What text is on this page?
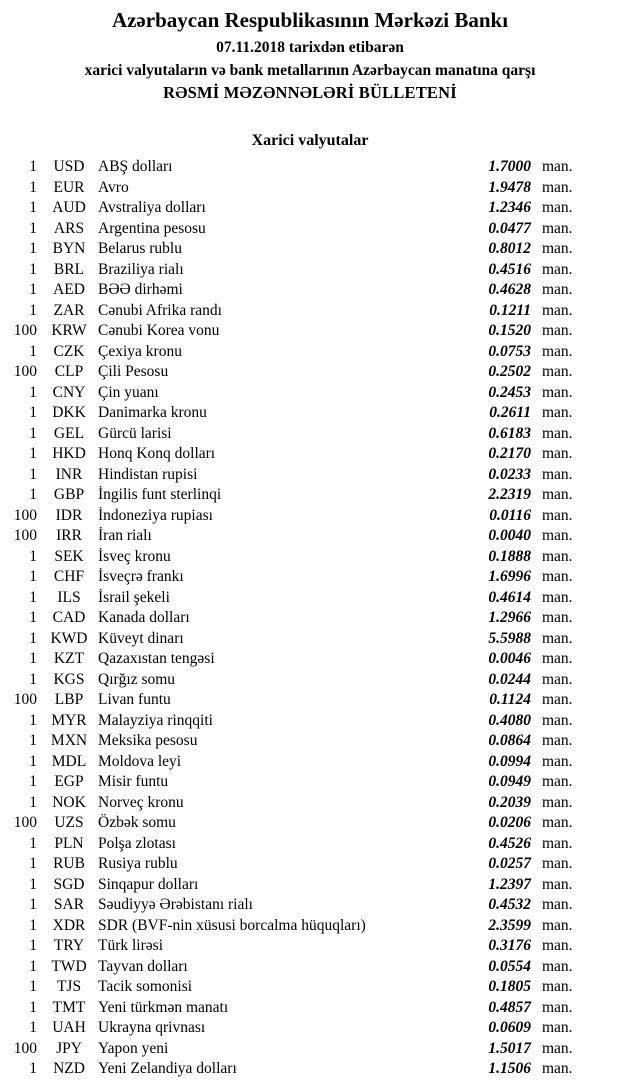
Azərbaycan Respublikasının Mərkəzi Bankı
07.11.2018 tarixdən etibarən
xarici valyutaların və bank metallarının Azərbaycan manatına qarşı
RƏSMİ MƏZƏNNƏLƏRİ BÜLLETENİ
Xarici valyutalar
1	USD ABŞ dolları	1.7000 man.
1	EUR Avro	1.9478 man.
1 AUD Avstraliya dolları	1.2346 man.
1	ARS Argentina pesosu	0.0477 man.
1	BYN Belarus rublu	0.8012 man.
1	BRL Braziliya rialı	0.4516 man.
1	AED BƏƏ dirhəmi	0.4628 man.
1	ZAR Cənubi Afrika randı	0.1211 man.
100 KRW Cənubi Korea vonu	0.1520 man.
1	CZK Çexiya kronu	0.0753 man.
100	CLP Çili Pesosu	0.2502 man.
1	CNY Çin yuanı	0.2453 man.
1 DKK Danimarka kronu	0.2611 man.
1	GEL Gürcü larisi	0.6183 man.
1 HKD Honq Konq dolları	0.2170 man.
1	INR	Hindistan rupisi	0.0233 man.
1	GBP İngilis funt sterlinqi	2.2319 man.
100	IDR	İndoneziya rupiası	0.0116 man.
100	IRR	İran rialı	0.0040 man.
1	SEK İsveç kronu	0.1888 man.
1	CHF İsveçrə frankı	1.6996 man.
1	ILS	İsrail şekeli	0.4614 man.
1	CAD Kanada dolları	1.2966 man.
1 KWD Küveyt dinarı	5.5988 man.
1	KZT Qazaxıstan tengəsi	0.0046 man.
1	KGS Qırğız somu	0.0244 man.
100	LBP Livan funtu	0.1124 man.
1 MYR Malayziya rinqqiti	0.4080 man.
1 MXN Meksika pesosu	0.0864 man.
1 MDL Moldova leyi	0.0994 man.
1	EGP Misir funtu	0.0949 man.
1 NOK Norveç kronu	0.2039 man.
100	UZS Özbək somu	0.0206 man.
1	PLN Polşa zlotası	0.4526 man.
1	RUB Rusiya rublu	0.0257 man.
1	SGD Sinqapur dolları	1.2397 man.
1	SAR Səudiyyə Ərəbistanı rialı	0.4532 man.
1	XDR SDR (BVF-nin xüsusi borcalma hüquqları)	2.3599 man.
1	TRY Türk lirəsi	0.3176 man.
1 TWD Tayvan dolları	0.0554 man.
1	TJS	Tacik somonisi	0.1805 man.
1	TMT Yeni türkmən manatı	0.4857 man.
1 UAH Ukrayna qrivnası	0.0609 man.
100	JPY	Yapon yeni	1.5017 man.
1	NZD Yeni Zelandiya dolları	1.1506 man.
